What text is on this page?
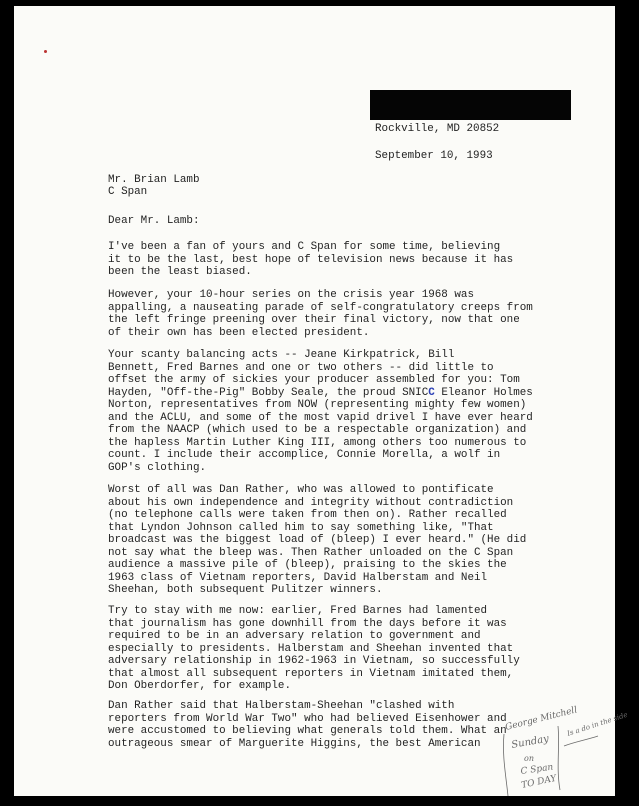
Rockville, MD 20852
September 10, 1993
Mr. Brian Lamb
C Span
Dear Mr. Lamb:
I've been a fan of yours and C Span for some time, believing
it to be the last, best hope of television news because it has
been the least biased.
However, your 10-hour series on the crisis year 1968 was
appalling, a nauseating parade of self-congratulatory creeps from
the left fringe preening over their final victory, now that one
of their own has been elected president.
Your scanty balancing acts -- Jeane Kirkpatrick, Bill
Bennett, Fred Barnes and one or two others -- did little to
offset the army of sickies your producer assembled for you: Tom
Hayden, "Off-the-Pig" Bobby Seale, the proud SNICC Eleanor Holmes
Norton, representatives from NOW (representing mighty few women)
and the ACLU, and some of the most vapid drivel I have ever heard
from the NAACP (which used to be a respectable organization) and
the hapless Martin Luther King III, among others too numerous to
count. I include their accomplice, Connie Morella, a wolf in
GOP's clothing.
Worst of all was Dan Rather, who was allowed to pontificate
about his own independence and integrity without contradiction
(no telephone calls were taken from then on). Rather recalled
that Lyndon Johnson called him to say something like, "That
broadcast was the biggest load of (bleep) I ever heard." (He did
not say what the bleep was. Then Rather unloaded on the C Span
audience a massive pile of (bleep), praising to the skies the
1963 class of Vietnam reporters, David Halberstam and Neil
Sheehan, both subsequent Pulitzer winners.
Try to stay with me now: earlier, Fred Barnes had lamented
that journalism has gone downhill from the days before it was
required to be in an adversary relation to government and
especially to presidents. Halberstam and Sheehan invented that
adversary relationship in 1962-1963 in Vietnam, so successfully
that almost all subsequent reporters in Vietnam imitated them,
Don Oberdorfer, for example.
Dan Rather said that Halberstam-Sheehan "clashed with
reporters from World War Two" who had believed Eisenhower and
were accustomed to believing what generals told them. What an
outrageous smear of Marguerite Higgins, the best American
George Mitchell
Sunday
on
C Span
TO DAY
Is a do in the side
